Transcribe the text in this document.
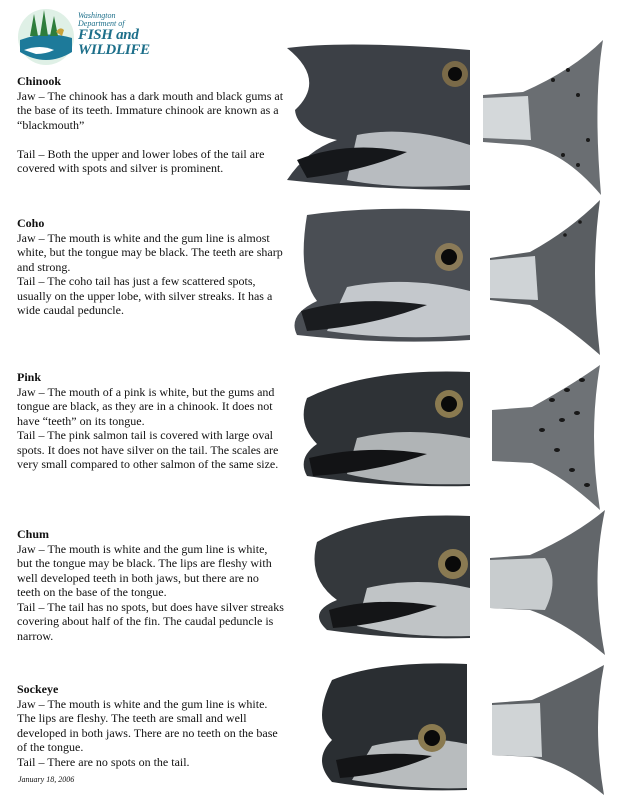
Washington
Department of
FISH and WILDLIFE
Chinook

Jaw – The chinook has a dark mouth and black gums at the base of its teeth. Immature chinook are known as a “blackmouth”

Tail – Both the upper and lower lobes of the tail are covered with spots and silver is prominent.

Coho

Jaw – The mouth is white and the gum line is almost white, but the tongue may be black. The teeth are sharp and strong.

Tail – The coho tail has just a few scattered spots, usually on the upper lobe, with silver streaks. It has a wide caudal peduncle.

Pink

Jaw – The mouth of a pink is white, but the gums and tongue are black, as they are in a chinook. It does not have “teeth” on its tongue.

Tail – The pink salmon tail is covered with large oval spots. It does not have silver on the tail. The scales are very small compared to other salmon of the same size.

Chum

Jaw – The mouth is white and the gum line is white, but the tongue may be black. The lips are fleshy with well developed teeth in both jaws, but there are no teeth on the base of the tongue.

Tail – The tail has no spots, but does have silver streaks covering about half of the fin. The caudal peduncle is narrow.

Sockeye

Jaw – The mouth is white and the gum line is white. The lips are fleshy. The teeth are small and well developed in both jaws. There are no teeth on the base of the tongue.

Tail – There are no spots on the tail.

January 18, 2006
